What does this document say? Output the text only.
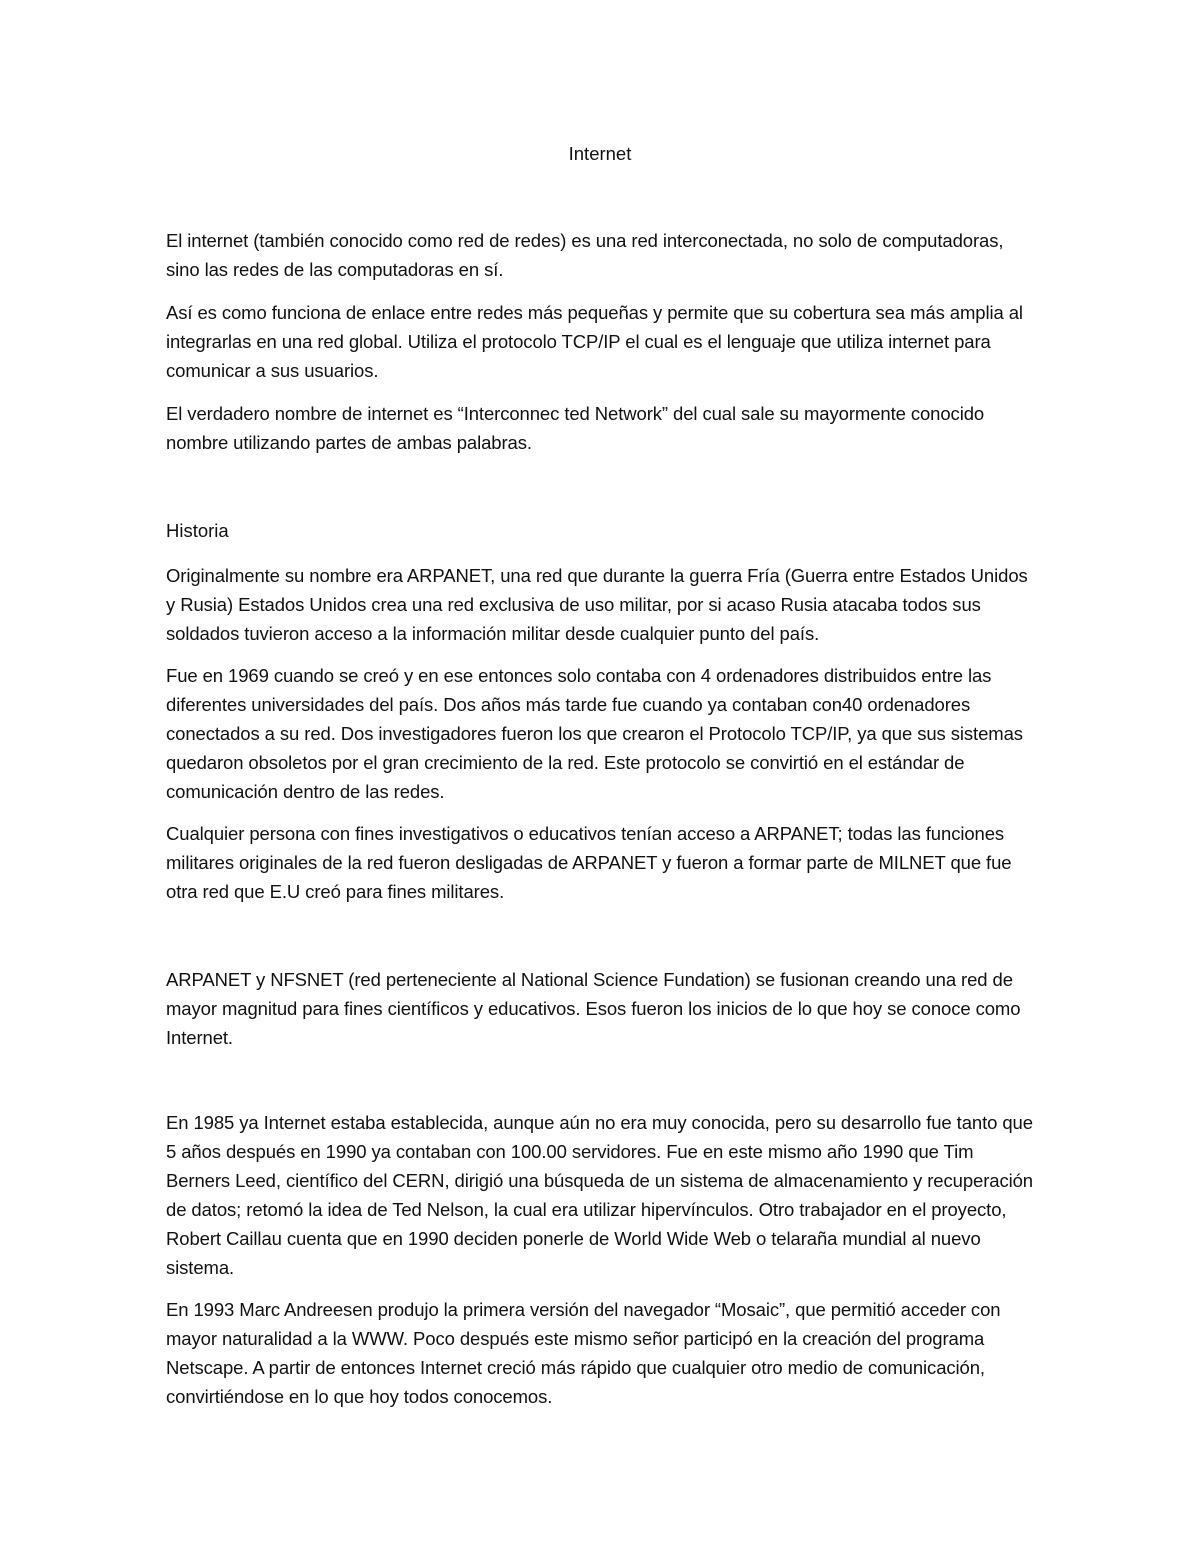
Internet

El internet (también conocido como red de redes) es una red interconectada, no solo de computadoras, sino las redes de las computadoras en sí.

Así es como funciona de enlace entre redes más pequeñas y permite que su cobertura sea más amplia al integrarlas en una red global. Utiliza el protocolo TCP/IP el cual es el lenguaje que utiliza internet para comunicar a sus usuarios.

El verdadero nombre de internet es “Interconnec ted Network” del cual sale su mayormente conocido nombre utilizando partes de ambas palabras.

Historia

Originalmente su nombre era ARPANET, una red que durante la guerra Fría (Guerra entre Estados Unidos y Rusia) Estados Unidos crea una red exclusiva de uso militar, por si acaso Rusia atacaba todos sus soldados tuvieron acceso a la información militar desde cualquier punto del país.

Fue en 1969 cuando se creó y en ese entonces solo contaba con 4 ordenadores distribuidos entre las diferentes universidades del país. Dos años más tarde fue cuando ya contaban con40 ordenadores conectados a su red. Dos investigadores fueron los que crearon el Protocolo TCP/IP, ya que sus sistemas quedaron obsoletos por el gran crecimiento de la red. Este protocolo se convirtió en el estándar de comunicación dentro de las redes.

Cualquier persona con fines investigativos o educativos tenían acceso a ARPANET; todas las funciones militares originales de la red fueron desligadas de ARPANET y fueron a formar parte de MILNET que fue otra red que E.U creó para fines militares.

ARPANET y NFSNET (red perteneciente al National Science Fundation) se fusionan creando una red de mayor magnitud para fines científicos y educativos. Esos fueron los inicios de lo que hoy se conoce como Internet.

En 1985 ya Internet estaba establecida, aunque aún no era muy conocida, pero su desarrollo fue tanto que 5 años después en 1990 ya contaban con 100.00 servidores. Fue en este mismo año 1990 que Tim Berners Leed, científico del CERN, dirigió una búsqueda de un sistema de almacenamiento y recuperación de datos; retomó la idea de Ted Nelson, la cual era utilizar hipervínculos. Otro trabajador en el proyecto, Robert Caillau cuenta que en 1990 deciden ponerle de World Wide Web o telaraña mundial al nuevo sistema.

En 1993 Marc Andreesen produjo la primera versión del navegador “Mosaic”, que permitió acceder con mayor naturalidad a la WWW. Poco después este mismo señor participó en la creación del programa Netscape. A partir de entonces Internet creció más rápido que cualquier otro medio de comunicación, convirtiéndose en lo que hoy todos conocemos.
